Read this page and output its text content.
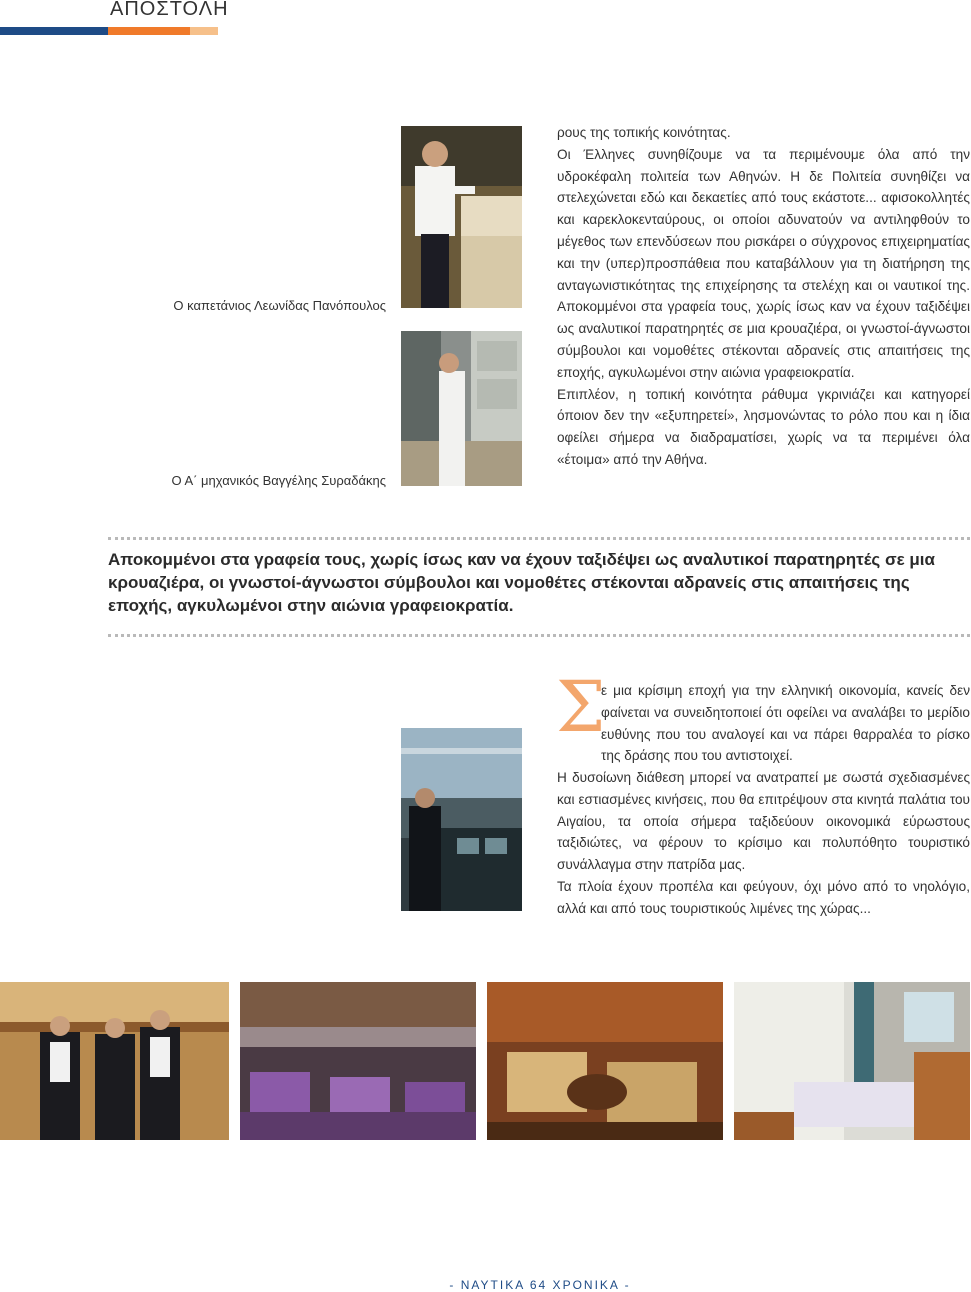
ΑΠΟΣΤΟΛΗ
Ο καπετάνιος Λεωνίδας Πανόπουλος
Ο Α΄ μηχανικός Βαγγέλης Συραδάκης

ρους της τοπικής κοινότητας.

Οι Έλληνες συνηθίζουμε να τα περιμένουμε όλα από την υδροκέφαλη πολιτεία των Αθηνών. Η δε Πολιτεία συνηθίζει να στελεχώνεται εδώ και δεκαετίες από τους εκάστοτε... αφισοκολλητές και καρεκλοκενταύρους, οι οποίοι αδυνατούν να αντιληφθούν το μέγεθος των επενδύσεων που ρισκάρει ο σύγχρονος επιχειρηματίας και την (υπερ)προσπάθεια που καταβάλλουν για τη διατήρηση της ανταγωνιστικότητας της επιχείρησης τα στελέχη και οι ναυτικοί της. Αποκομμένοι στα γραφεία τους, χωρίς ίσως καν να έχουν ταξιδέψει ως αναλυτικοί παρατηρητές σε μια κρουαζιέρα, οι γνωστοί-άγνωστοι σύμβουλοι και νομοθέτες στέκονται αδρανείς στις απαιτήσεις της εποχής, αγκυλωμένοι στην αιώνια γραφειοκρατία.

Επιπλέον, η τοπική κοινότητα ράθυμα γκρινιάζει και κατηγορεί όποιον δεν την «εξυπηρετεί», λησμονώντας το ρόλο που και η ίδια οφείλει σήμερα να διαδραματίσει, χωρίς να τα περιμένει όλα «έτοιμα» από την Αθήνα.

Αποκομμένοι στα γραφεία τους, χωρίς ίσως καν να έχουν ταξιδέψει ως αναλυτικοί παρατηρητές σε μια κρουαζιέρα, οι γνωστοί-άγνωστοι σύμβουλοι και νομοθέτες στέκονται αδρανείς στις απαιτήσεις της εποχής, αγκυλωμένοι στην αιώνια γραφειοκρατία.
Σ

ε μια κρίσιμη εποχή για την ελληνική οικονομία, κανείς δεν φαίνεται να συνειδητοποιεί ότι οφείλει να αναλάβει το μερίδιο ευθύνης που του αναλογεί και να πάρει θαρραλέα το ρίσκο της δράσης που του αντιστοιχεί.

Η δυσοίωνη διάθεση μπορεί να ανατραπεί με σωστά σχεδιασμένες και εστιασμένες κινήσεις, που θα επιτρέψουν στα κινητά παλάτια του Αιγαίου, τα οποία σήμερα ταξιδεύουν οικονομικά εύρωστους ταξιδιώτες, να φέρουν το κρίσιμο και πολυπόθητο τουριστικό συνάλλαγμα στην πατρίδα μας.

Τα πλοία έχουν προπέλα και φεύγουν, όχι μόνο από το νηολόγιο, αλλά και από τους τουριστικούς λιμένες της χώρας...

- ΝΑΥΤΙΚΑ 64 ΧΡΟΝΙΚΑ -
